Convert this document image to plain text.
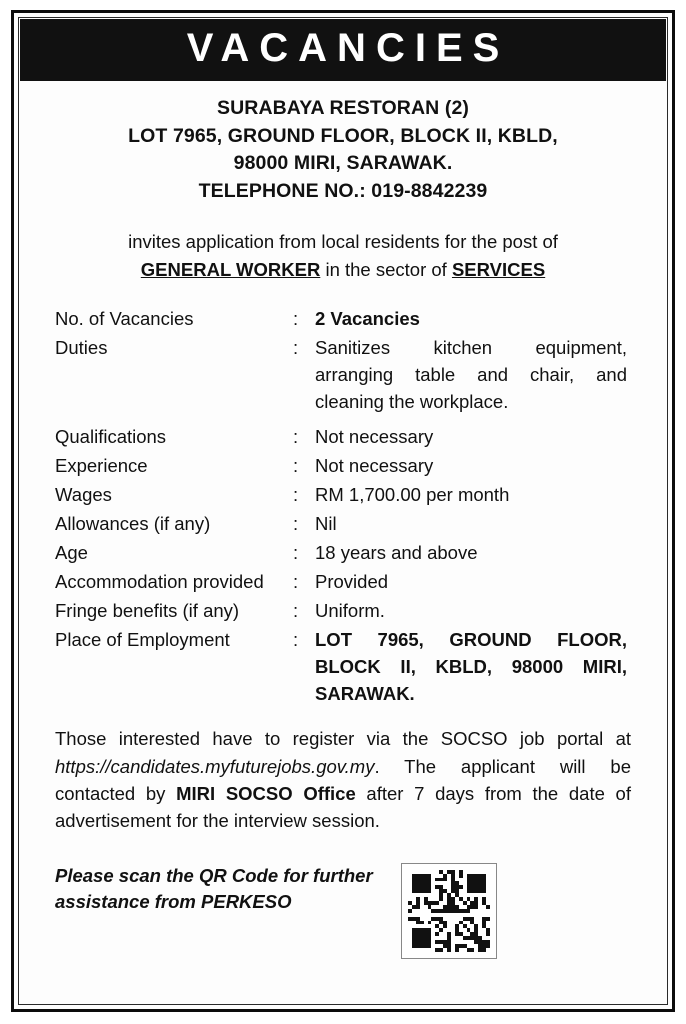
VACANCIES
SURABAYA RESTORAN (2)
LOT 7965, GROUND FLOOR, BLOCK II, KBLD,
98000 MIRI, SARAWAK.
TELEPHONE NO.: 019-8842239
invites application from local residents for the post of
GENERAL WORKER in the sector of SERVICES
No. of Vacancies	: 2 Vacancies
Duties	: Sanitizes kitchen equipment, arranging table and chair, and cleaning the workplace.
Qualifications	: Not necessary
Experience	: Not necessary
Wages	: RM 1,700.00 per month
Allowances (if any)	: Nil
Age	: 18 years and above
Accommodation provided	: Provided
Fringe benefits (if any)	: Uniform.
Place of Employment	: LOT 7965, GROUND FLOOR, BLOCK II, KBLD, 98000 MIRI, SARAWAK.
Those interested have to register via the SOCSO job portal at https://candidates.myfuturejobs.gov.my. The applicant will be contacted by MIRI SOCSO Office after 7 days from the date of advertisement for the interview session.
Please scan the QR Code for further assistance from PERKESO
